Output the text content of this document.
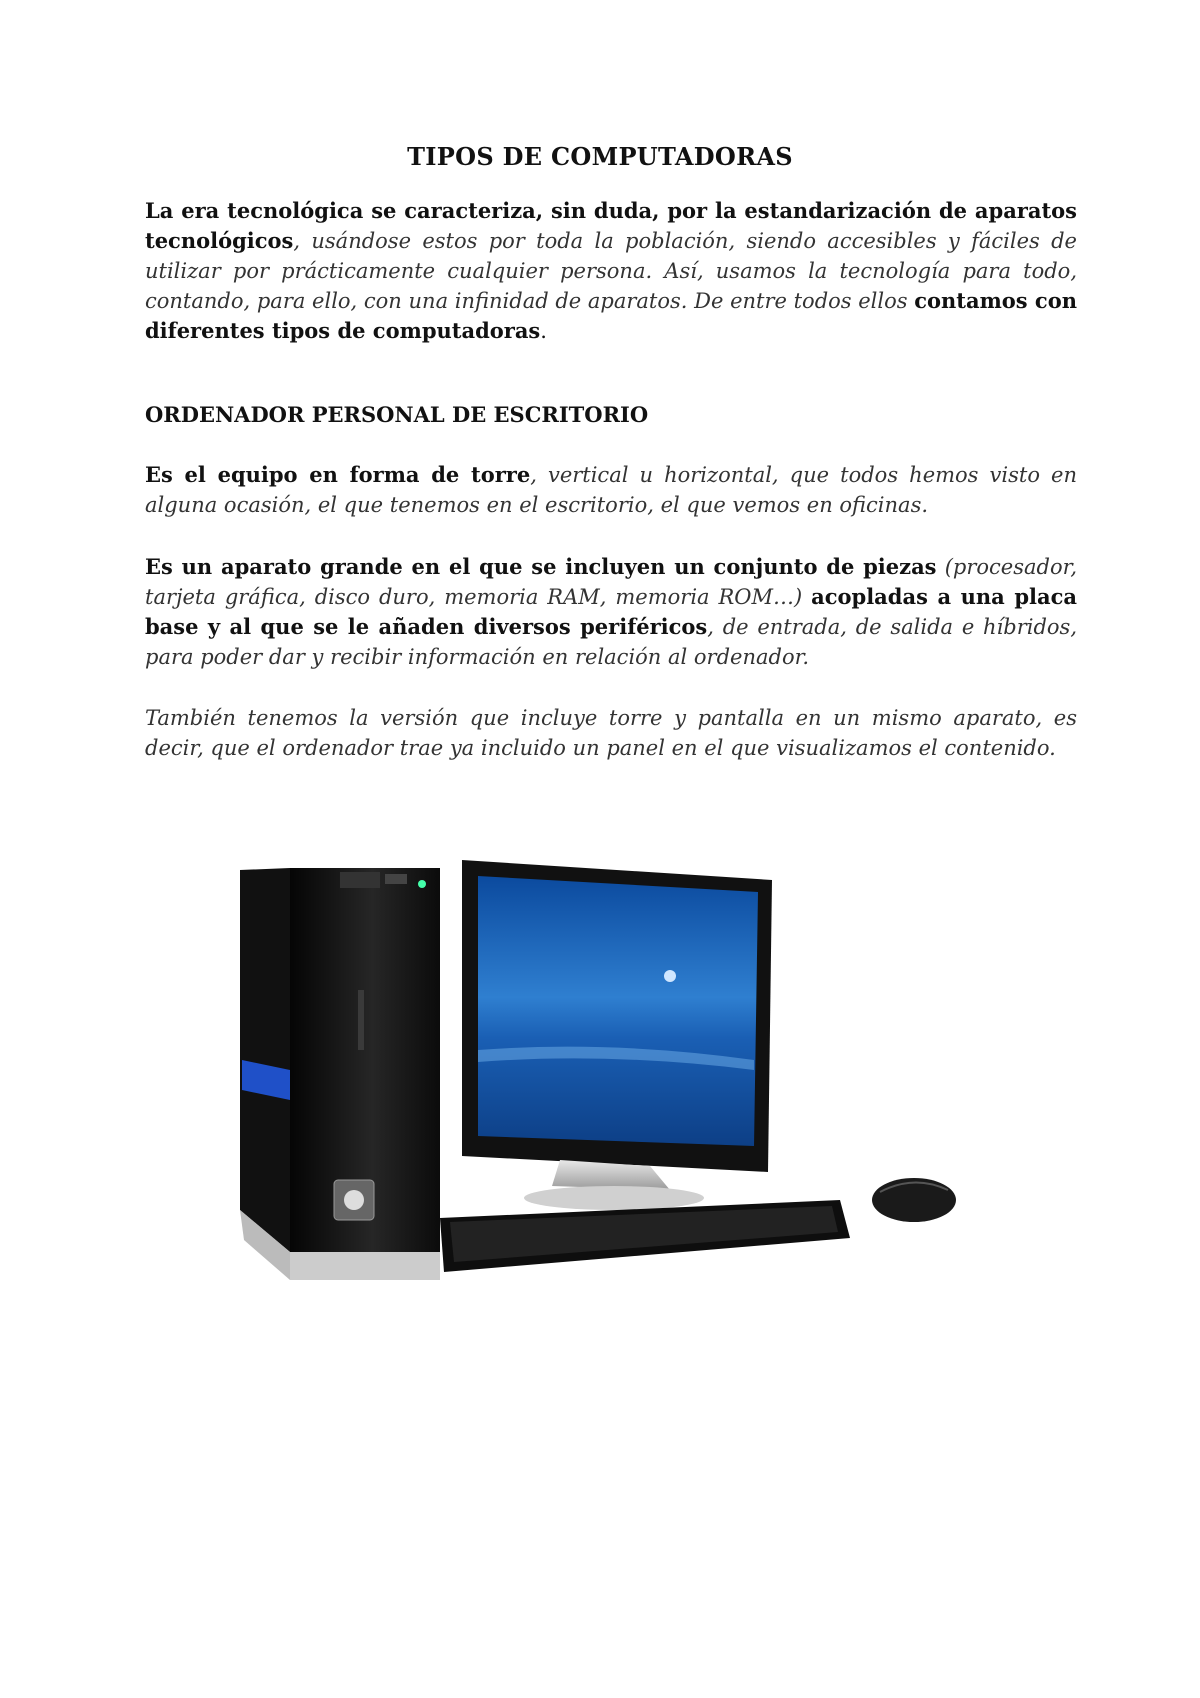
TIPOS DE COMPUTADORAS

La era tecnológica se caracteriza, sin duda, por la estandarización de aparatos tecnológicos, usándose estos por toda la población, siendo accesibles y fáciles de utilizar por prácticamente cualquier persona. Así, usamos la tecnología para todo, contando, para ello, con una infinidad de aparatos. De entre todos ellos contamos con diferentes tipos de computadoras.

ORDENADOR PERSONAL DE ESCRITORIO

Es el equipo en forma de torre, vertical u horizontal, que todos hemos visto en alguna ocasión, el que tenemos en el escritorio, el que vemos en oficinas.

Es un aparato grande en el que se incluyen un conjunto de piezas (procesador, tarjeta gráfica, disco duro, memoria RAM, memoria ROM…) acopladas a una placa base y al que se le añaden diversos periféricos, de entrada, de salida e híbridos, para poder dar y recibir información en relación al ordenador.

También tenemos la versión que incluye torre y pantalla en un mismo aparato, es decir, que el ordenador trae ya incluido un panel en el que visualizamos el contenido.
